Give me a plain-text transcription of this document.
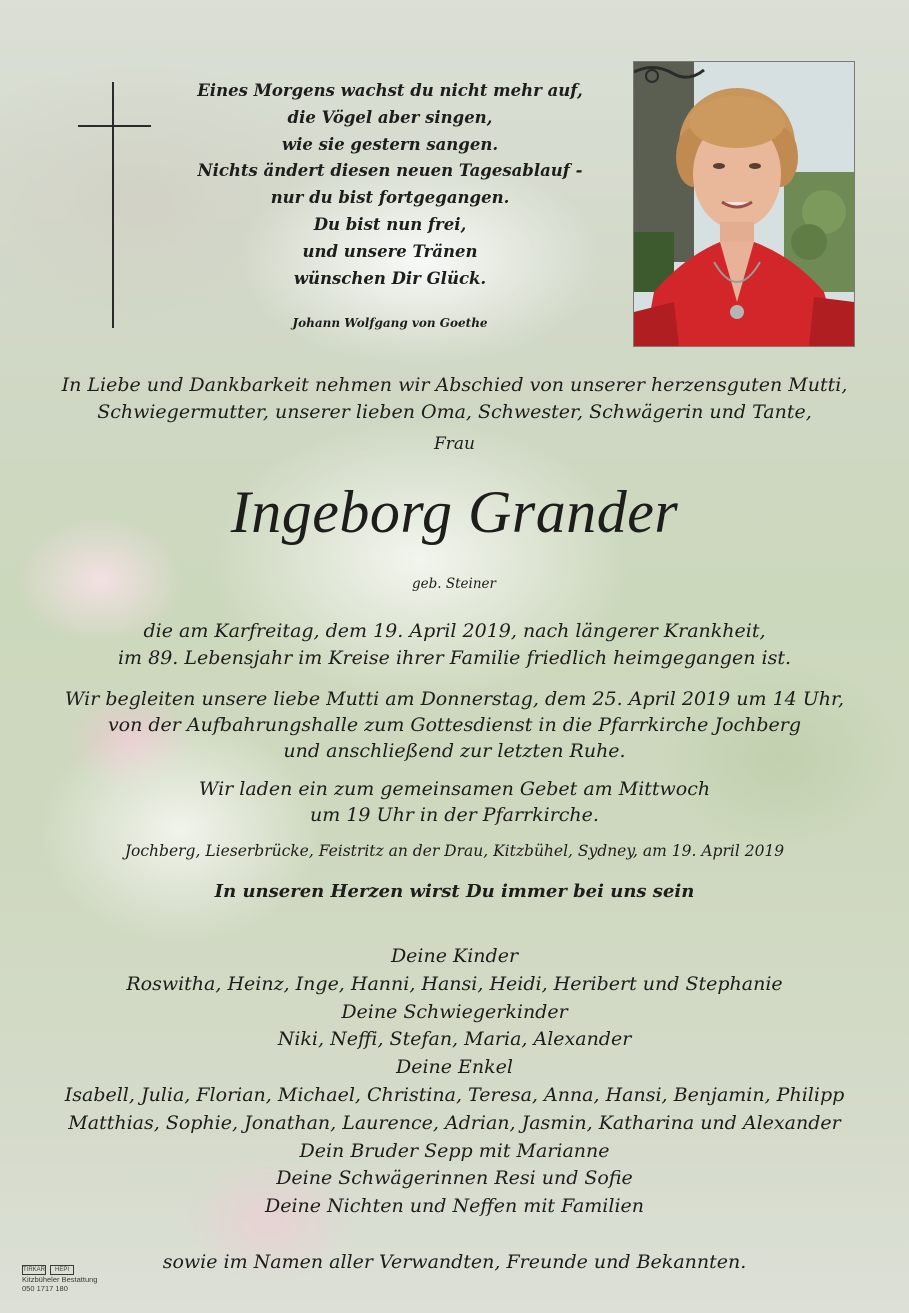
Eines Morgens wachst du nicht mehr auf,
die Vögel aber singen,
wie sie gestern sangen.
Nichts ändert diesen neuen Tagesablauf -
nur du bist fortgegangen.
Du bist nun frei,
und unsere Tränen
wünschen Dir Glück.
Johann Wolfgang von Goethe
In Liebe und Dankbarkeit nehmen wir Abschied von unserer herzensguten Mutti,
Schwiegermutter, unserer lieben Oma, Schwester, Schwägerin und Tante,
Frau
Ingeborg Grander
geb. Steiner
die am Karfreitag, dem 19. April 2019, nach längerer Krankheit,
im 89. Lebensjahr im Kreise ihrer Familie friedlich heimgegangen ist.
Wir begleiten unsere liebe Mutti am Donnerstag, dem 25. April 2019 um 14 Uhr,
von der Aufbahrungshalle zum Gottesdienst in die Pfarrkirche Jochberg
und anschließend zur letzten Ruhe.
Wir laden ein zum gemeinsamen Gebet am Mittwoch
um 19 Uhr in der Pfarrkirche.
Jochberg, Lieserbrücke, Feistritz an der Drau, Kitzbühel, Sydney, am 19. April 2019
In unseren Herzen wirst Du immer bei uns sein
Deine Kinder
Roswitha, Heinz, Inge, Hanni, Hansi, Heidi, Heribert und Stephanie
Deine Schwiegerkinder
Niki, Neffi, Stefan, Maria, Alexander
Deine Enkel
Isabell, Julia, Florian, Michael, Christina, Teresa, Anna, Hansi, Benjamin, Philipp
Matthias, Sophie, Jonathan, Laurence, Adrian, Jasmin, Katharina und Alexander
Dein Bruder Sepp mit Marianne
Deine Schwägerinnen Resi und Sofie
Deine Nichten und Neffen mit Familien
sowie im Namen aller Verwandten, Freunde und Bekannten.
TIRKAR	HEPI
Kitzbüheler Bestattung
050 1717 180
